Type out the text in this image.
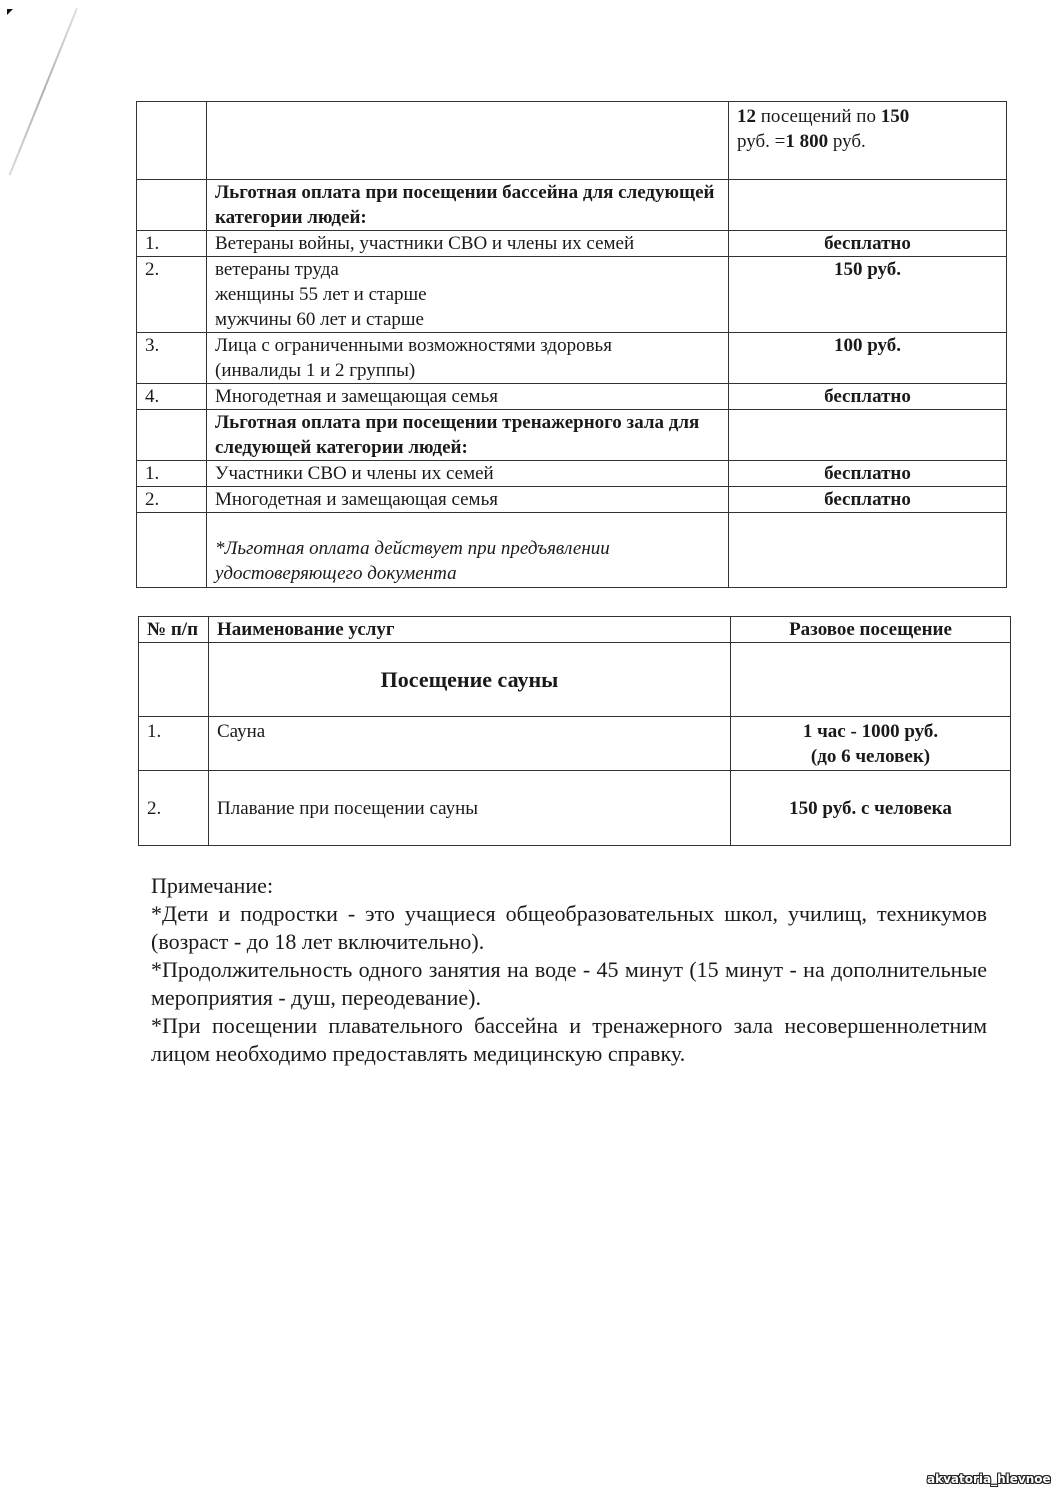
		12 посещений по 150
руб. =1 800 руб.
	Льготная оплата при посещении бассейна для следующей категории людей:	
1.	Ветераны войны, участники СВО и члены их семей	бесплатно
2.	ветераны труда
женщины 55 лет и старше
мужчины 60 лет и старше	150 руб.
3.	Лица с ограниченными возможностями здоровья
(инвалиды 1 и 2 группы)	100 руб.
4.	Многодетная и замещающая семья	бесплатно
	Льготная оплата при посещении тренажерного зала для следующей категории людей:	
1.	Участники СВО и члены их семей	бесплатно
2.	Многодетная и замещающая семья	бесплатно
	*Льготная оплата действует при предъявлении удостоверяющего документа	
№ п/п	Наименование услуг	Разовое посещение
	Посещение сауны	
1.	Сауна	1 час - 1000 руб.
(до 6 человек)

2.	Плавание при посещении сауны	150 руб. с человека

Примечание:

*Дети и подростки - это учащиеся общеобразовательных школ, училищ, техникумов (возраст - до 18 лет включительно).

*Продолжительность одного занятия на воде - 45 минут (15 минут - на дополнительные мероприятия - душ, переодевание).

*При посещении плавательного бассейна и тренажерного зала несовершеннолетним лицом необходимо предоставлять медицинскую справку.

akvatoria_hlevnoe
